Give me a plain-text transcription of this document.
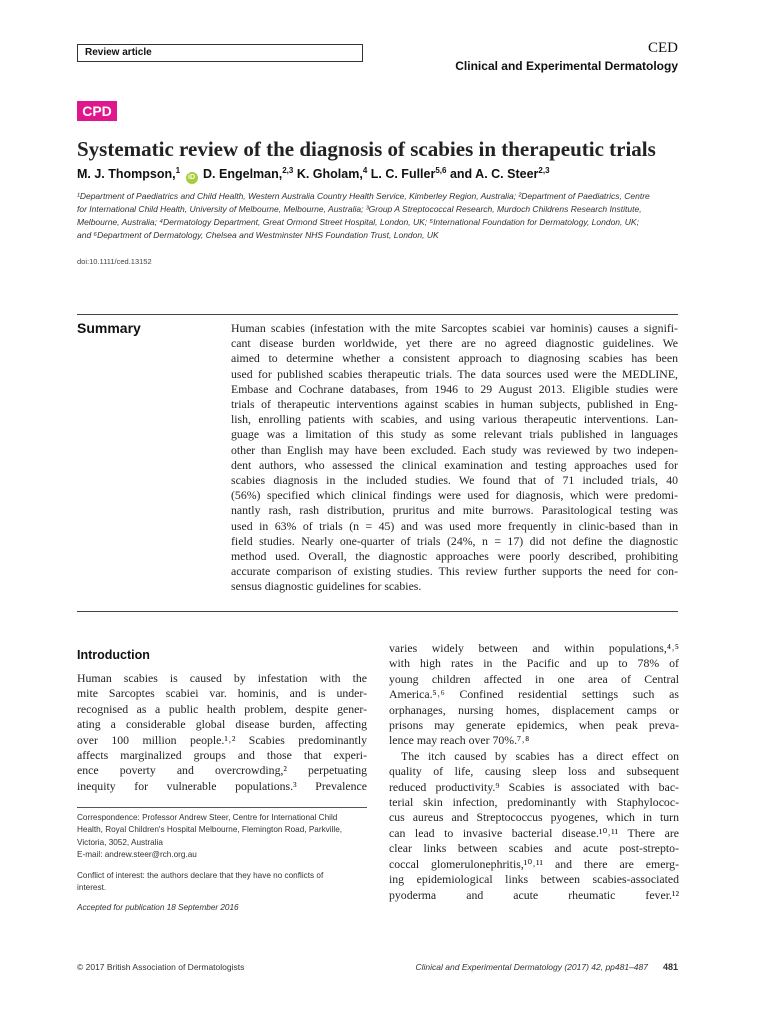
Review article	CED
Clinical and Experimental Dermatology
CPD
Systematic review of the diagnosis of scabies in therapeutic trials
M. J. Thompson,$^1$ iD D. Engelman,$^{2,3}$ K. Gholam,$^4$ L. C. Fuller$^{5,6}$ and A. C. Steer$^{2,3}$

¹Department of Paediatrics and Child Health, Western Australia Country Health Service, Kimberley Region, Australia; ²Department of Paediatrics, Centre

for International Child Health, University of Melbourne, Melbourne, Australia; ³Group A Streptococcal Research, Murdoch Childrens Research Institute,

Melbourne, Australia; ⁴Dermatology Department, Great Ormond Street Hospital, London, UK; ⁵International Foundation for Dermatology, London, UK;

and ⁶Department of Dermatology, Chelsea and Westminster NHS Foundation Trust, London, UK

doi:10.1111/ced.13152
Summary	Human scabies (infestation with the mite Sarcoptes scabiei var hominis) causes a signifi-

cant disease burden worldwide, yet there are no agreed diagnostic guidelines. We

aimed to determine whether a consistent approach to diagnosing scabies has been

used for published scabies therapeutic trials. The data sources used were the MEDLINE,

Embase and Cochrane databases, from 1946 to 29 August 2013. Eligible studies were

trials of therapeutic interventions against scabies in human subjects, published in Eng-

lish, enrolling patients with scabies, and using various therapeutic interventions. Lan-

guage was a limitation of this study as some relevant trials published in languages

other than English may have been excluded. Each study was reviewed by two indepen-

dent authors, who assessed the clinical examination and testing approaches used for

scabies diagnosis in the included studies. We found that of 71 included trials, 40

(56%) specified which clinical findings were used for diagnosis, which were predomi-

nantly rash, rash distribution, pruritus and mite burrows. Parasitological testing was

used in 63% of trials (n = 45) and was used more frequently in clinic-based than in

field studies. Nearly one-quarter of trials (24%, n = 17) did not define the diagnostic

method used. Overall, the diagnostic approaches were poorly described, prohibiting

accurate comparison of existing studies. This review further supports the need for con-

sensus diagnostic guidelines for scabies.

Introduction

Human scabies is caused by infestation with the

mite Sarcoptes scabiei var. hominis, and is under-

recognised as a public health problem, despite gener-

ating a considerable global disease burden, affecting

over 100 million people.¹˒² Scabies predominantly

affects marginalized groups and those that experi-

ence poverty and overcrowding,² perpetuating

inequity for vulnerable populations.³ Prevalence

Correspondence: Professor Andrew Steer, Centre for International Child

Health, Royal Children's Hospital Melbourne, Flemington Road, Parkville,

Victoria, 3052, Australia

E-mail: andrew.steer@rch.org.au

Conflict of interest: the authors declare that they have no conflicts of

interest.

Accepted for publication 18 September 2016

varies widely between and within populations,⁴˒⁵

with high rates in the Pacific and up to 78% of

young children affected in one area of Central

America.⁵˒⁶ Confined residential settings such as

orphanages, nursing homes, displacement camps or

prisons may generate epidemics, when peak preva-

lence may reach over 70%.⁷˒⁸

The itch caused by scabies has a direct effect on

quality of life, causing sleep loss and subsequent

reduced productivity.⁹ Scabies is associated with bac-

terial skin infection, predominantly with Staphylococ-

cus aureus and Streptococcus pyogenes, which in turn

can lead to invasive bacterial disease.¹⁰˒¹¹ There are

clear links between scabies and acute post-strepto-

coccal glomerulonephritis,¹⁰˒¹¹ and there are emerg-

ing epidemiological links between scabies-associated

pyoderma and acute rheumatic fever.¹²

© 2017 British Association of Dermatologists	Clinical and Experimental Dermatology (2017) 42, pp481–487 481
